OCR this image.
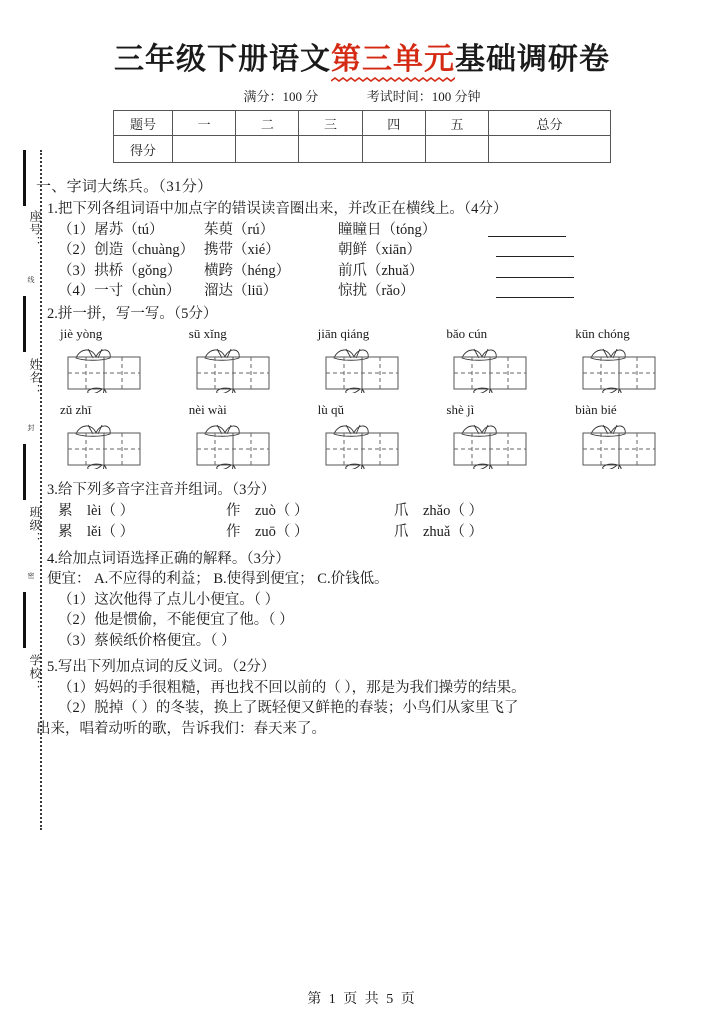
座号：
线
姓名：
封
班级：
密
学校：
三年级下册语文第三单元
基础调研卷
满分：100 分	考试时间：100 分钟
题号	一	二	三	四	五	总分
得分						
一、字词大练兵。（31分）
1.把下列各组词语中加点字的错误读音圈出来，并改正在横线上。（4分）
（1）屠苏（tú）	茱萸（rú）	瞳瞳日（tóng）
（2）创造（chuàng） 携带（xié）	朝鲜（xiān）
（3）拱桥（gǒng）	横跨（héng）	前爪（zhuǎ）
（4）一寸（chùn）	溜达（liū）	惊扰（rǎo）
2.拼一拼，写一写。（5分）
jiè yòng	sū xǐng	jiān qiáng	bǎo cún	kūn chóng
zǔ zhī	nèi wài	lù qǔ	shè jì	biàn bié
3.给下列多音字注音并组词。（3分）
累　lèi（ ）	作　zuò（ ）	爪　zhǎo（ ）
累　lěi（ ）	作　zuō（ ）	爪　zhuǎ（ ）
4.给加点词语选择正确的解释。（3分）
便宜： A.不应得的利益； B.使得到便宜； C.价钱低。
（1）这次他得了点儿小便宜。（ ）
（2）他是惯偷，不能便宜了他。（ ）
（3）蔡候纸价格便宜。（ ）
5.写出下列加点词的反义词。（2分）
（1）妈妈的手很粗糙，再也找不回以前的（ ），那是为我们操劳的结果。
（2）脱掉（ ）的冬装，换上了既轻便又鲜艳的春装；小鸟们从家里飞了
出来，唱着动听的歌，告诉我们：春天来了。
第 1 页 共 5 页
